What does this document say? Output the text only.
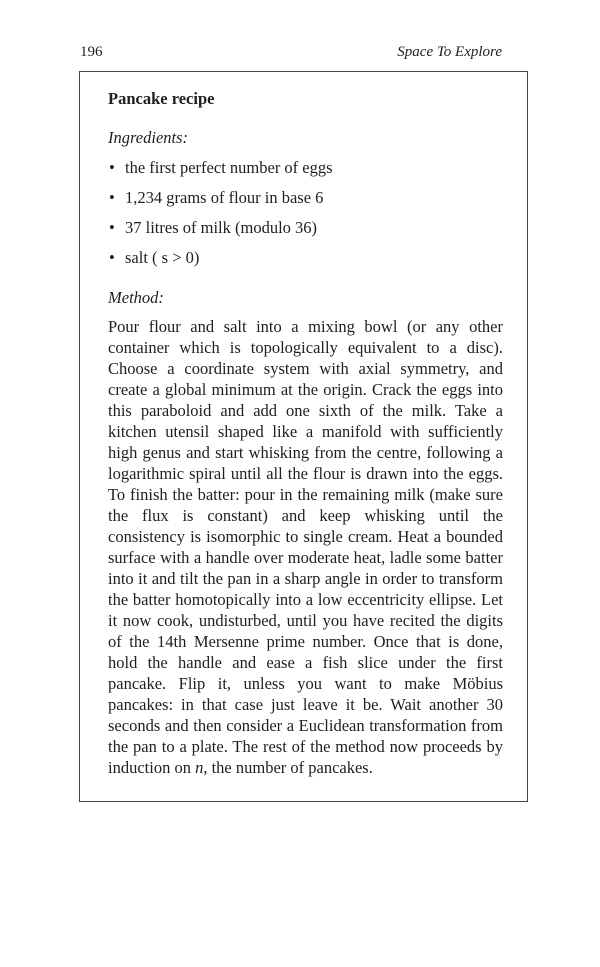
196	Space To Explore
Pancake recipe
Ingredients:
• the first perfect number of eggs
• 1,234 grams of flour in base 6
• 37 litres of milk (modulo 36)
• salt ( s > 0)
Method:

Pour flour and salt into a mixing bowl (or any other container which is topologically equivalent to a disc). Choose a coordinate system with axial symmetry, and create a global minimum at the origin. Crack the eggs into this paraboloid and add one sixth of the milk. Take a kitchen utensil shaped like a manifold with sufficiently high genus and start whisking from the centre, following a logarithmic spiral until all the flour is drawn into the eggs. To finish the batter: pour in the remaining milk (make sure the flux is constant) and keep whisking until the consistency is isomorphic to single cream. Heat a bounded surface with a handle over moderate heat, ladle some batter into it and tilt the pan in a sharp angle in order to transform the batter homotopically into a low eccentricity ellipse. Let it now cook, undisturbed, until you have recited the digits of the 14th Mersenne prime number. Once that is done, hold the handle and ease a fish slice under the first pancake. Flip it, unless you want to make Möbius pancakes: in that case just leave it be. Wait another 30 seconds and then consider a Euclidean transformation from the pan to a plate. The rest of the method now proceeds by induction on n, the number of pancakes.
